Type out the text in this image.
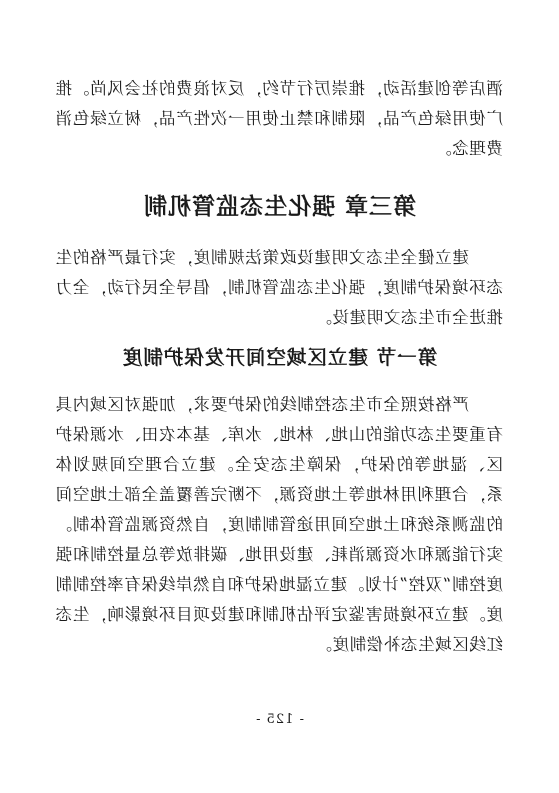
酒店等创建活动，推崇厉行节约，反对浪费的社会风尚。推广使用绿色产品，限制和禁止使用一次性产品，树立绿色消费理念。

第三章 强化生态监管机制

建立健全生态文明建设政策法规制度，实行最严格的生态环境保护制度，强化生态监管机制，倡导全民行动，全力推进全市生态文明建设。

第一节 建立区域空间开发保护制度

严格按照全市生态控制线的保护要求，加强对区域内具有重要生态功能的山地、林地、水库、基本农田、水源保护区、湿地等的保护，保障生态安全。建立合理空间规划体系，合理利用林地等土地资源，不断完善覆盖全部土地空间的监测系统和土地空间用途管制制度，自然资源监管体制。实行能源和水资源消耗、建设用地、碳排放等总量控制和强度控制“双控”计划。建立湿地保护和自然岸线保有率控制制度。建立环境损害鉴定评估机制和建设项目环境影响，生态红线区域生态补偿制度。

- 125 -
